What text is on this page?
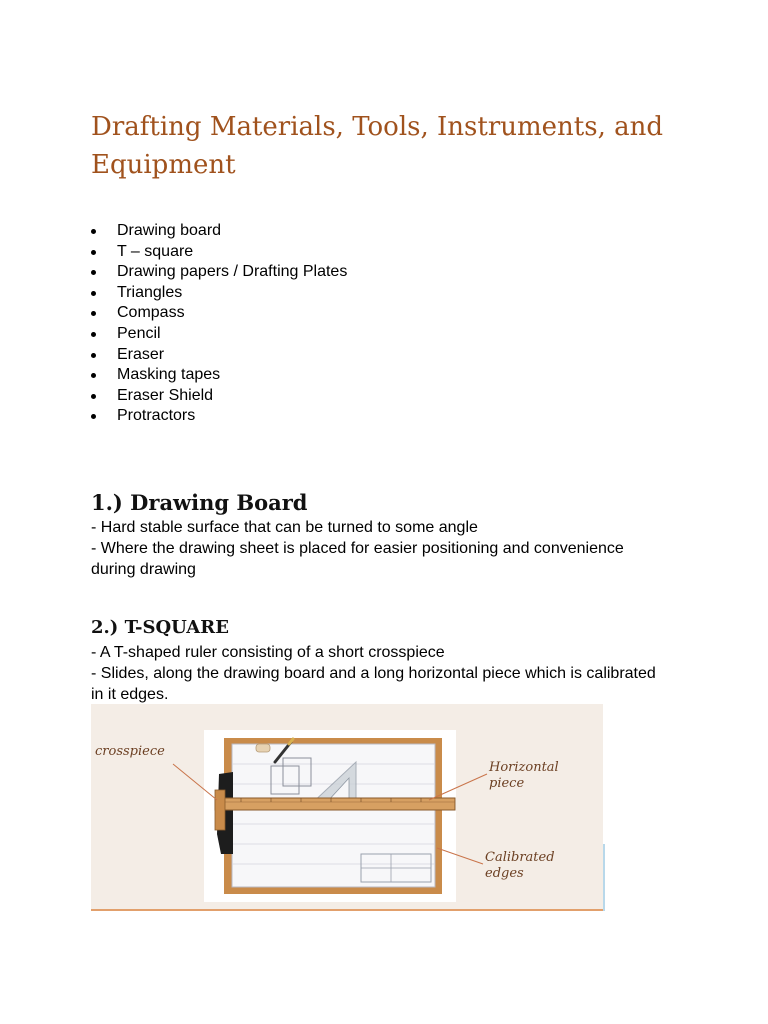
Drafting Materials, Tools, Instruments, and Equipment
Drawing board
T – square
Drawing papers / Drafting Plates
Triangles
Compass
Pencil
Eraser
Masking tapes
Eraser Shield
Protractors
1.) Drawing Board
- Hard stable surface that can be turned to some angle
- Where the drawing sheet is placed for easier positioning and convenience during drawing
2.) T-SQUARE
- A T-shaped ruler consisting of a short crosspiece
- Slides, along the drawing board and a long horizontal piece which is calibrated in it edges.
crosspiece
Horizontal piece
Calibrated edges
